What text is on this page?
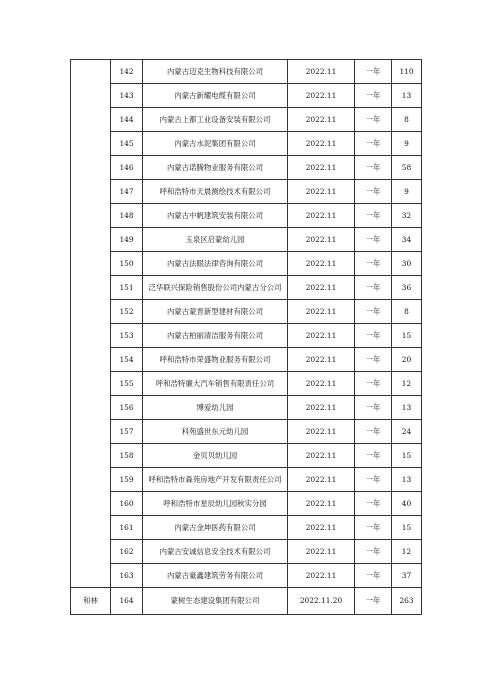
	142	内蒙古迈克生物科技有限公司	2022.11	一年	110
	143	内蒙古新耀电缆有限公司	2022.11	一年	13
	144	内蒙古上都工业设备安装有限公司	2022.11	一年	8
	145	内蒙古水泥集团有限公司	2022.11	一年	9
	146	内蒙古诺腾物业服务有限公司	2022.11	一年	58
	147	呼和浩特市天晨测绘技术有限公司	2022.11	一年	9
	148	内蒙古中帆建筑安装有限公司	2022.11	一年	32
	149	玉泉区启蒙幼儿园	2022.11	一年	34
	150	内蒙古法眼法律咨询有限公司	2022.11	一年	30
	151	泛华联兴保险销售股份公司内蒙古分公司	2022.11	一年	36
	152	内蒙古蒙晋新型建材有限公司	2022.11	一年	8
	153	内蒙古柏丽清洁服务有限公司	2022.11	一年	15
	154	呼和浩特市荣盛物业服务有限公司	2022.11	一年	20
	155	呼和浩特廉大汽车销售有限责任公司	2022.11	一年	12
	156	博爱幼儿园	2022.11	一年	13
	157	科苑盛世东元幼儿园	2022.11	一年	24
	158	金贝贝幼儿园	2022.11	一年	15
	159	呼和浩特市森苑房地产开发有限责任公司	2022.11	一年	13
	160	呼和浩特市星辰幼儿园秋实分园	2022.11	一年	40
	161	内蒙古金坤医药有限公司	2022.11	一年	15
	162	内蒙古安诚信息安全技术有限公司	2022.11	一年	12
	163	内蒙古豪鑫建筑劳务有限公司	2022.11	一年	37
和林	164	蒙树生态建设集团有限公司	2022.11.20	一年	263
